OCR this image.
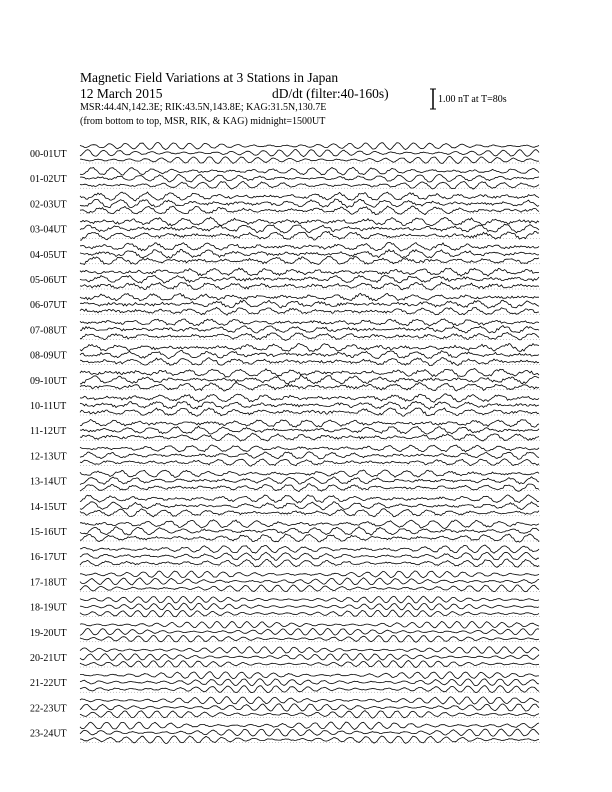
Magnetic Field Variations at 3 Stations in Japan
12 March 2015	dD/dt (filter:40-160s)
MSR:44.4N,142.3E; RIK:43.5N,143.8E; KAG:31.5N,130.7E
(from bottom to top, MSR, RIK, & KAG) midnight=1500UT
1.00 nT at T=80s
00-01UT
01-02UT
02-03UT
03-04UT
04-05UT
05-06UT
06-07UT
07-08UT
08-09UT
09-10UT
10-11UT
11-12UT
12-13UT
13-14UT
14-15UT
15-16UT
16-17UT
17-18UT
18-19UT
19-20UT
20-21UT
21-22UT
22-23UT
23-24UT
